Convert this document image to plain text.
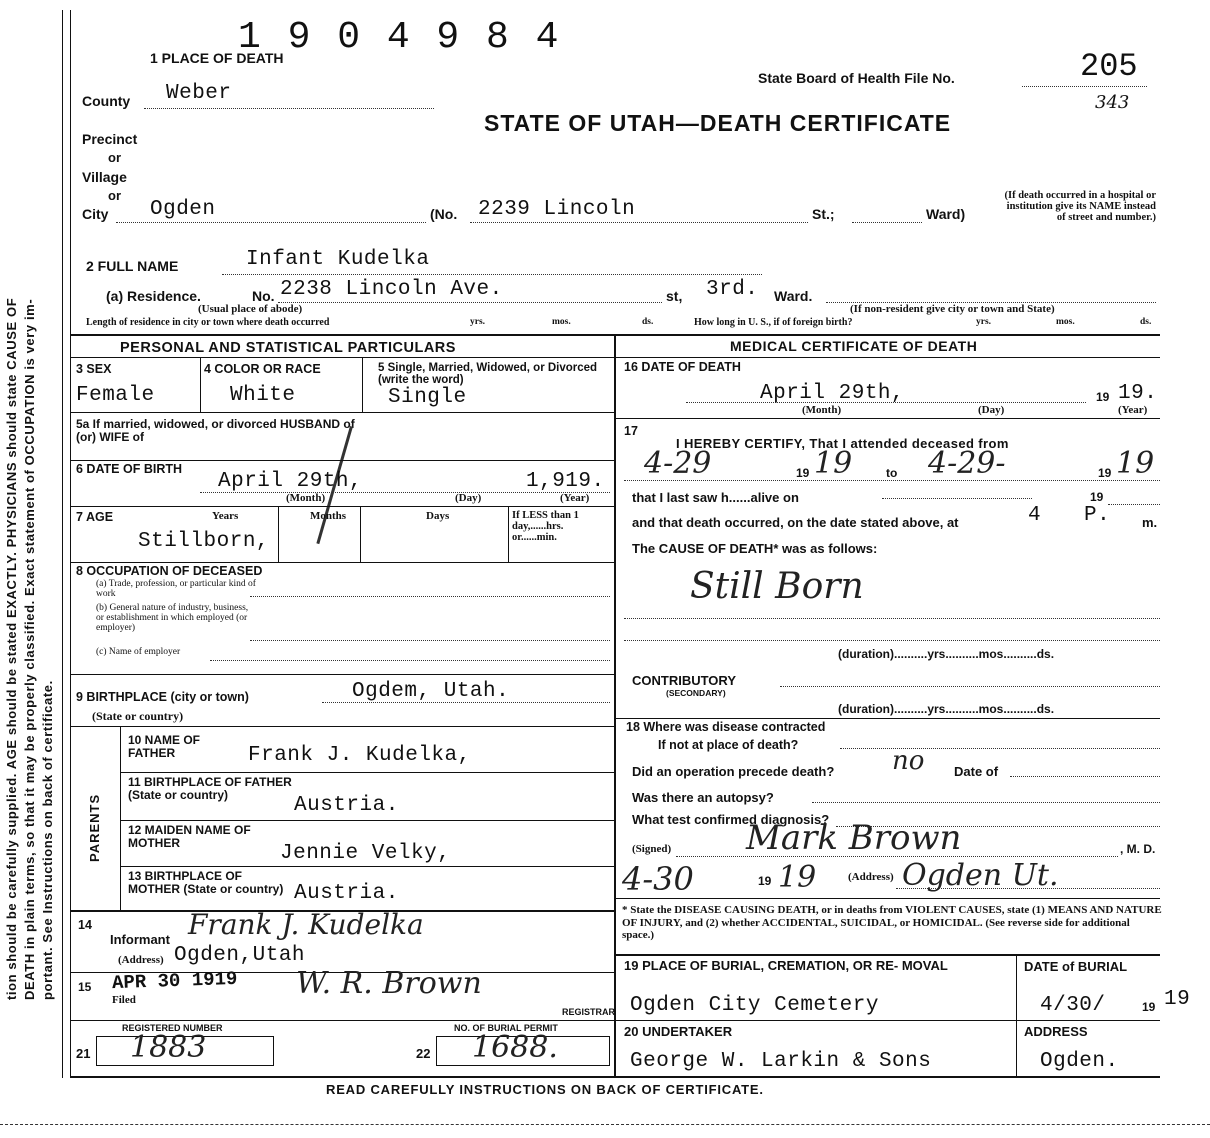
tion should be carefully supplied. AGE should be stated EXACTLY. PHYSICIANS should state CAUSE OF DEATH in plain terms, so that it may be properly classified. Exact statement of OCCUPATION is very im- portant. See Instructions on back of certificate.
1 9 0 4 9 8 4
1 PLACE OF DEATH
State Board of Health File No.	205
343
STATE OF UTAH—DEATH CERTIFICATE
County Weber
Precinct
or
Village
or
City Ogden	(No. 2239 Lincoln	St.;	Ward)
(If death occurred in a hospital or institution give its NAME instead of street and number.)
2 FULL NAME	Infant Kudelka
(a) Residence.	No. 2238 Lincoln Ave.	st, 3rd. Ward.
(Usual place of abode)	(If non-resident give city or town and State)
Length of residence in city or town where death occurred	yrs.	mos.	ds.	How long in U. S., if of foreign birth?	yrs.	mos.	ds.
PERSONAL AND STATISTICAL PARTICULARS	MEDICAL CERTIFICATE OF DEATH
3 SEX
Female
4 COLOR OR RACE
White
5 Single, Married, Widowed, or Divorced (write the word)
Single
5a If married, widowed, or divorced HUSBAND of (or) WIFE of
6 DATE OF BIRTH
April 29th,	1,919.
(Month)	(Day)	(Year)
7 AGE	Years	Months	Days	If LESS than 1 day,......hrs. or......min.
Stillborn,
8 OCCUPATION OF DECEASED
(a) Trade, profession, or particular kind of work
(b) General nature of industry, business, or establishment in which employed (or employer)
(c) Name of employer
9 BIRTHPLACE (city or town)
(State or country)
Ogdem, Utah.
PARENTS
10 NAME OF FATHER	Frank J. Kudelka,
11 BIRTHPLACE OF FATHER (State or country)	Austria.
12 MAIDEN NAME OF MOTHER	Jennie Velky,
13 BIRTHPLACE OF MOTHER (State or country) Austria.
14
Informant Frank J. Kudelka
(Address) Ogden,Utah
15 APR 30 1919
Filed	W. R. Brown
REGISTRAR
REGISTERED NUMBER	NO. OF BURIAL PERMIT
21 1883	22 1688.
16 DATE OF DEATH
April 29th,	19 19.
(Month)	(Day)	(Year)
17
I HEREBY CERTIFY, That I attended deceased from
4-29	19 19	to 4-29-	19 19
that I last saw h......alive on	19
and that death occurred, on the date stated above, at	4 P. m.
The CAUSE OF DEATH* was as follows:
Still Born
(duration)..........yrs..........mos..........ds.
CONTRIBUTORY
(SECONDARY)
(duration)..........yrs..........mos..........ds.
18 Where was disease contracted
If not at place of death?
Did an operation precede death? no Date of
Was there an autopsy?
What test confirmed diagnosis?
(Signed) Mark Brown	, M. D.
4-30	19 19	(Address) Ogden Ut.
* State the DISEASE CAUSING DEATH, or in deaths from VIOLENT CAUSES, state (1) MEANS AND NATURE OF INJURY, and (2) whether ACCIDENTAL, SUICIDAL, or HOMICIDAL. (See reverse side for additional space.)
19 PLACE OF BURIAL, CREMATION, OR RE- MOVAL
Ogden City Cemetery
DATE of BURIAL
4/30/	19 19
20 UNDERTAKER
George W. Larkin & Sons
ADDRESS
Ogden.
READ CAREFULLY INSTRUCTIONS ON BACK OF CERTIFICATE.
